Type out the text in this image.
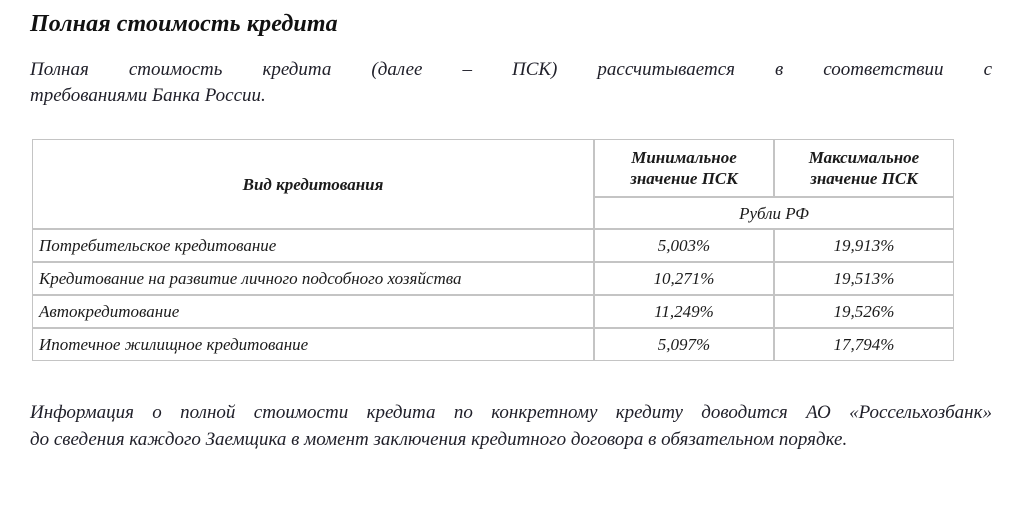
Полная стоимость кредита

Полная стоимость кредита (далее – ПСК) рассчитывается в соответствии с
требованиями Банка России.

Вид кредитования	Минимальное значение ПСК	Максимальное значение ПСК
	Рубли РФ	
Потребительское кредитование	5,003%	19,913%
Кредитование на развитие личного подсобного хозяйства	10,271%	19,513%
Автокредитование	11,249%	19,526%
Ипотечное жилищное кредитование	5,097%	17,794%

Информация о полной стоимости кредита по конкретному кредиту доводится АО «Россельхозбанк»
до сведения каждого Заемщика в момент заключения кредитного договора в обязательном порядке.
